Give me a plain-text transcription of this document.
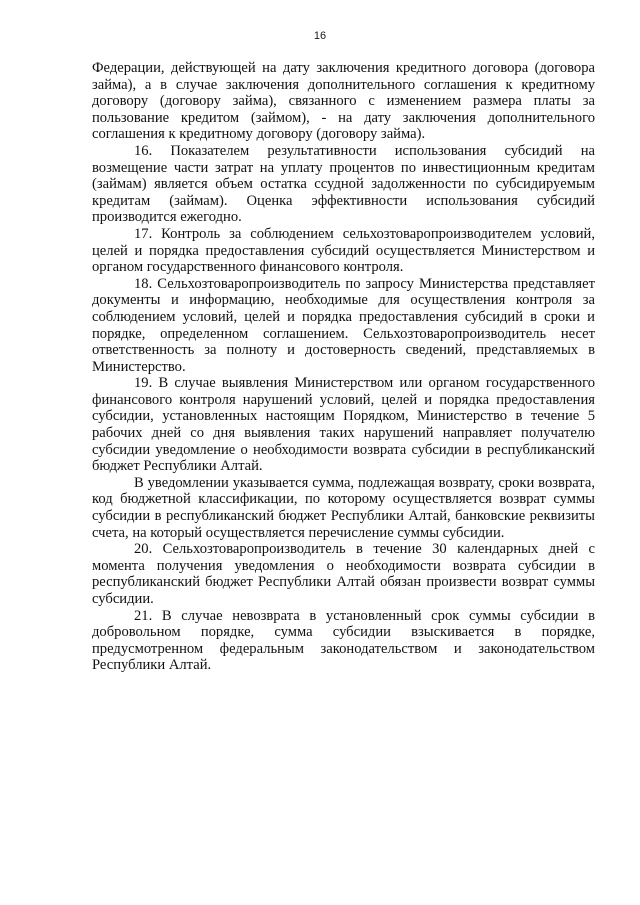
16

Федерации, действующей на дату заключения кредитного договора (договора займа), а в случае заключения дополнительного соглашения к кредитному договору (договору займа), связанного с изменением размера платы за пользование кредитом (займом), - на дату заключения дополнительного соглашения к кредитному договору (договору займа).

16. Показателем результативности использования субсидий на возмещение части затрат на уплату процентов по инвестиционным кредитам (займам) является объем остатка ссудной задолженности по субсидируемым кредитам (займам). Оценка эффективности использования субсидий производится ежегодно.

17. Контроль за соблюдением сельхозтоваропроизводителем условий, целей и порядка предоставления субсидий осуществляется Министерством и органом государственного финансового контроля.

18. Сельхозтоваропроизводитель по запросу Министерства представляет документы и информацию, необходимые для осуществления контроля за соблюдением условий, целей и порядка предоставления субсидий в сроки и порядке, определенном соглашением. Сельхозтоваропроизводитель несет ответственность за полноту и достоверность сведений, представляемых в Министерство.

19. В случае выявления Министерством или органом государственного финансового контроля нарушений условий, целей и порядка предоставления субсидии, установленных настоящим Порядком, Министерство в течение 5 рабочих дней со дня выявления таких нарушений направляет получателю субсидии уведомление о необходимости возврата субсидии в республиканский бюджет Республики Алтай.

В уведомлении указывается сумма, подлежащая возврату, сроки возврата, код бюджетной классификации, по которому осуществляется возврат суммы субсидии в республиканский бюджет Республики Алтай, банковские реквизиты счета, на который осуществляется перечисление суммы субсидии.

20. Сельхозтоваропроизводитель в течение 30 календарных дней с момента получения уведомления о необходимости возврата субсидии в республиканский бюджет Республики Алтай обязан произвести возврат суммы субсидии.

21. В случае невозврата в установленный срок суммы субсидии в добровольном порядке, сумма субсидии взыскивается в порядке, предусмотренном федеральным законодательством и законодательством Республики Алтай.
